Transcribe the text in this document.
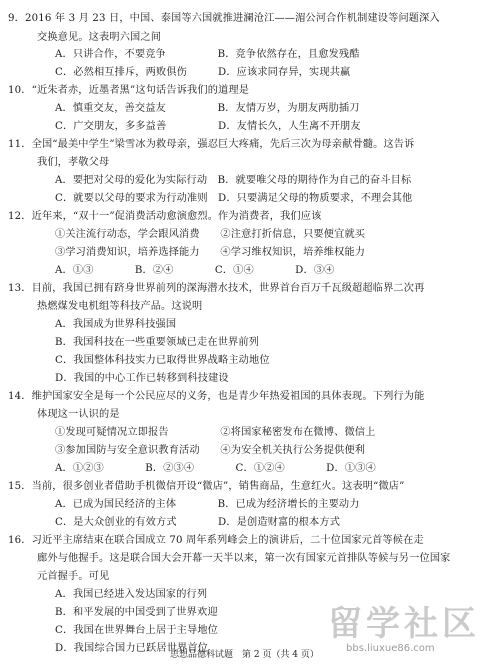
9．2016 年 3 月 23 日，中国、泰国等六国就推进澜沧江——湄公河合作机制建设等问题深入
交换意见。这表明六国之间
A．只讲合作，不要竞争　　　　　B．竞争依然存在，且愈发残酷
C．必然相互排斥，两败俱伤　　　D．应该求同存异，实现共赢
10．“近朱者赤，近墨者黑”这句话告诉我们的道理是
A．慎重交友，善交益友　　　　　B．友情万岁，为朋友两肋插刀
C．广交朋友，多多益善　　　　　D．友情长久，人生离不开朋友
11．全国“最美中学生”梁雪冰为救母亲，强忍巨大疼痛，先后三次为母亲献骨髓。这告诉
我们，孝敬父母
A．要把对父母的爱化为实际行动　B．就要唯父母的期待作为自己的奋斗目标
C．就要以父母的要求为行动准则　D．只要满足父母的物质要求，不理会其他
12．近年来，“双十一”促消费活动愈演愈烈。作为消费者，我们应该
①关注流行动态，学会跟风消费　　②注意打折信息，只要便宜就买
③学习消费知识，培养选择能力　　④学习维权知识，培养维权能力
A．①③　　　　B．②④　　　　C．①④　　　　D．③④
13．目前，我国已拥有跻身世界前列的深海潜水技术，世界首台百万千瓦级超超临界二次再
热燃煤发电机组等科技产品。这说明
A．我国成为世界科技强国
B．我国科技在一些重要领域已走在世界前列
C．我国整体科技实力已取得世界战略主动地位
D．我国的中心工作已转移到科技建设
14．维护国家安全是每一个公民应尽的义务，也是青少年热爱祖国的具体表现。下列行为能
体现这一认识的是
①发现可疑情况立即报告　　　　　②将国家秘密发布在微博、微信上
③参加国防与安全意识教育活动　　④为安全机关执行公务提供便利
A．①②③　　　　B．②③④　　　　C．①②④　　　　D．①③④
15．当前，很多创业者借助手机微信开设“微店”，销售商品，生意红火。这表明“微店”
A．已成为国民经济的主体　　　　B．已成为经济增长的主要动力
C．是大众创业的有效方式　　　　D．是创造财富的根本方式
16．习近平主席结束在联合国成立 70 周年系列峰会上的演讲后，二十位国家元首等候在走
廊外与他握手。这是联合国大会开幕一天半以来，第一次有国家元首排队等候与另一位国家
元首握手。可见
A．我国已经进入发达国家的行列
B．和平发展的中国受到了世界欢迎
C．我国在世界舞台上居于主导地位
D．我国综合国力已跃居世界首位
思想品德科试题　第 2 页（共 4 页）
留学社区
bbs.liuxue86.com
